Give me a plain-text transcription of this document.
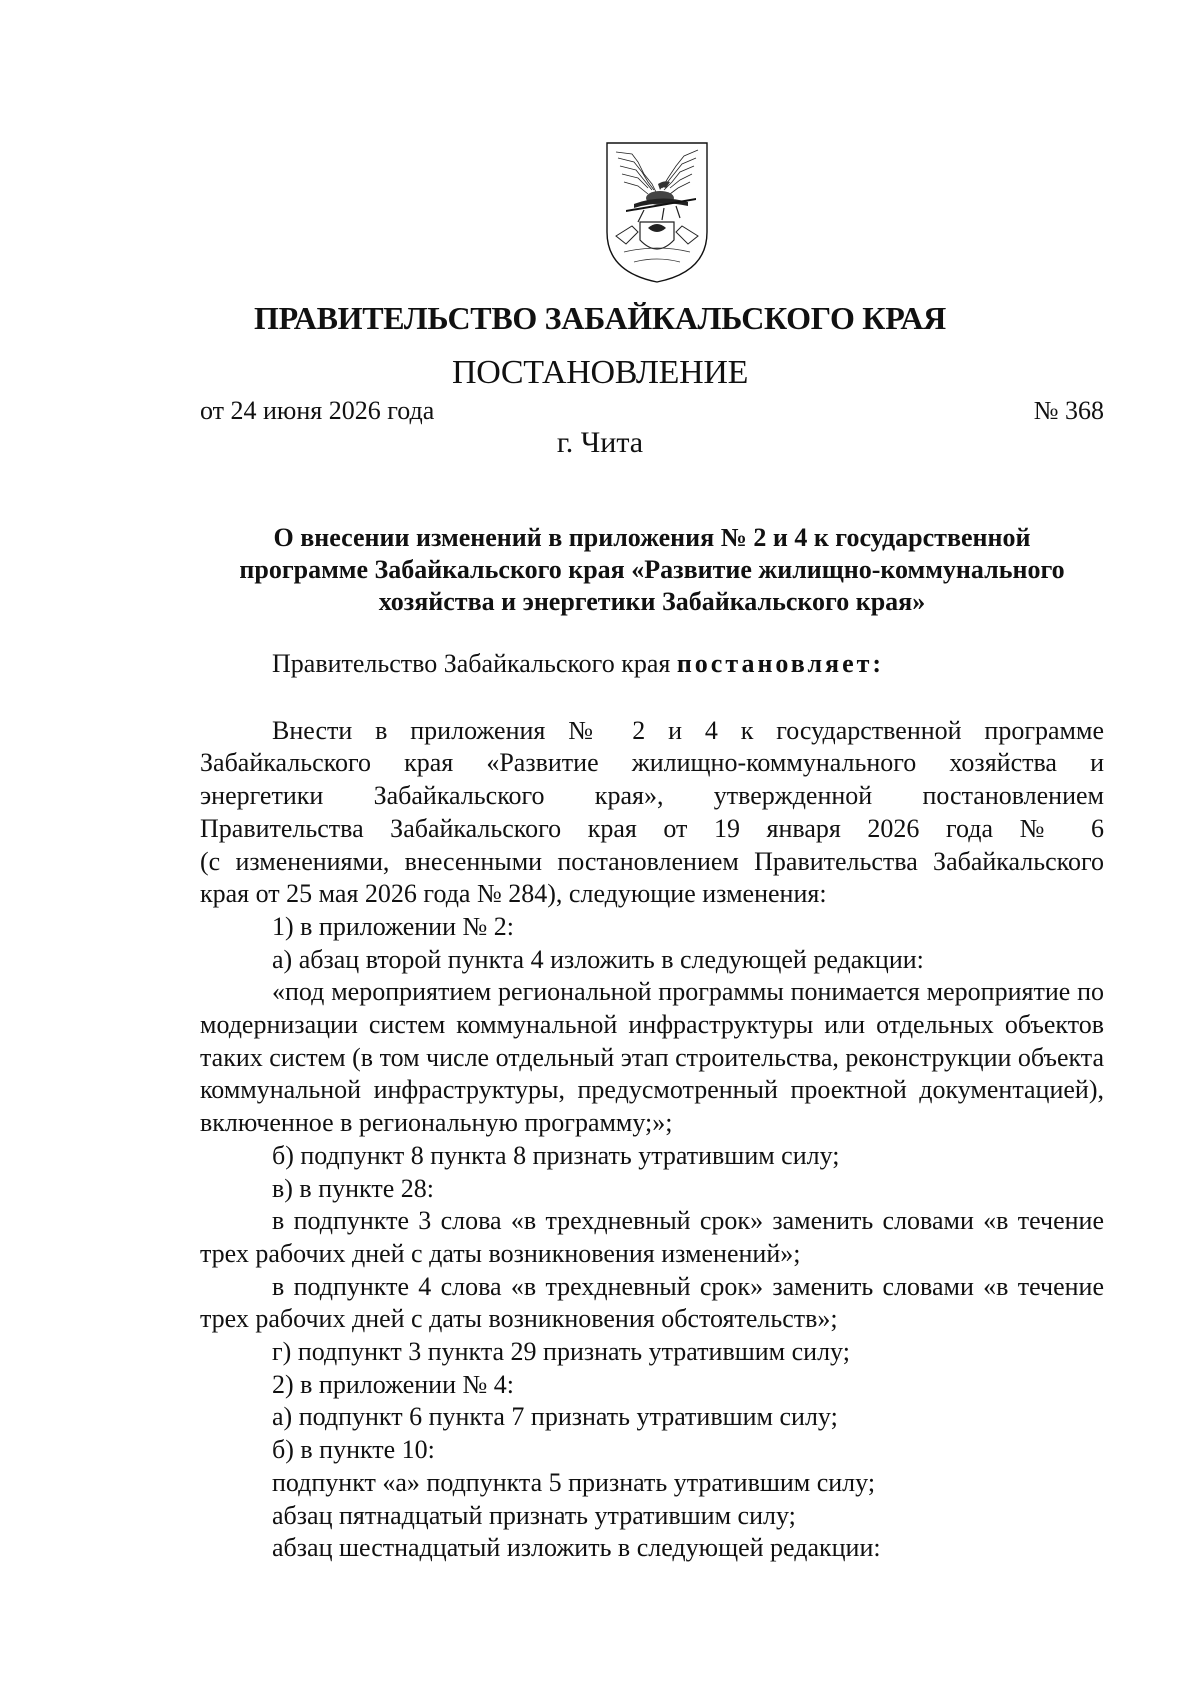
ПРАВИТЕЛЬСТВО ЗАБАЙКАЛЬСКОГО КРАЯ
ПОСТАНОВЛЕНИЕ
от 24 июня 2026 года	№ 368
г. Чита
О внесении изменений в приложения № 2 и 4 к государственной
программе Забайкальского края «Развитие жилищно-коммунального
хозяйства и энергетики Забайкальского края»

Правительство Забайкальского края постановляет:

Внести в приложения № 2 и 4 к государственной программе

Забайкальского края «Развитие жилищно-коммунального хозяйства и

энергетики Забайкальского края», утвержденной постановлением

Правительства Забайкальского края от 19 января 2026 года № 6

(с изменениями, внесенными постановлением Правительства Забайкальского

края от 25 мая 2026 года № 284), следующие изменения:

1) в приложении № 2:

а) абзац второй пункта 4 изложить в следующей редакции:

«под мероприятием региональной программы понимается мероприятие по модернизации систем коммунальной инфраструктуры или отдельных объектов таких систем (в том числе отдельный этап строительства, реконструкции объекта коммунальной инфраструктуры, предусмотренный проектной документацией), включенное в региональную программу;»;

б) подпункт 8 пункта 8 признать утратившим силу;

в) в пункте 28:

в подпункте 3 слова «в трехдневный срок» заменить словами «в течение трех рабочих дней с даты возникновения изменений»;

в подпункте 4 слова «в трехдневный срок» заменить словами «в течение трех рабочих дней с даты возникновения обстоятельств»;

г) подпункт 3 пункта 29 признать утратившим силу;

2) в приложении № 4:

а) подпункт 6 пункта 7 признать утратившим силу;

б) в пункте 10:

подпункт «а» подпункта 5 признать утратившим силу;

абзац пятнадцатый признать утратившим силу;

абзац шестнадцатый изложить в следующей редакции:
